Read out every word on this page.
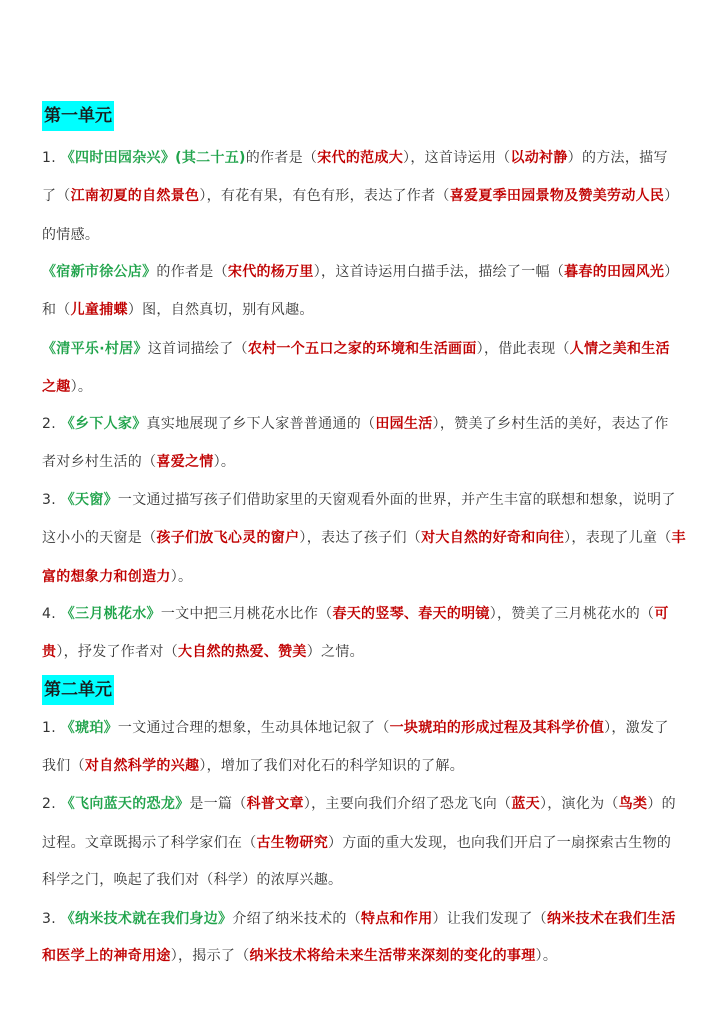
第一单元
1. 《四时田园杂兴》(其二十五)的作者是（宋代的范成大），这首诗运用（以动衬静）的方法，描写
了（江南初夏的自然景色），有花有果，有色有形，表达了作者（喜爱夏季田园景物及赞美劳动人民）
的情感。
《宿新市徐公店》的作者是（宋代的杨万里），这首诗运用白描手法，描绘了一幅（暮春的田园风光）
和（儿童捕蝶）图，自然真切，别有风趣。
《清平乐·村居》这首词描绘了（农村一个五口之家的环境和生活画面），借此表现（人情之美和生活
之趣）。
2. 《乡下人家》真实地展现了乡下人家普普通通的（田园生活），赞美了乡村生活的美好，表达了作
者对乡村生活的（喜爱之情）。
3. 《天窗》一文通过描写孩子们借助家里的天窗观看外面的世界，并产生丰富的联想和想象，说明了
这小小的天窗是（孩子们放飞心灵的窗户），表达了孩子们（对大自然的好奇和向往），表现了儿童（丰
富的想象力和创造力）。
4. 《三月桃花水》一文中把三月桃花水比作（春天的竖琴、春天的明镜），赞美了三月桃花水的（可
贵），抒发了作者对（大自然的热爱、赞美）之情。
第二单元
1. 《琥珀》一文通过合理的想象，生动具体地记叙了（一块琥珀的形成过程及其科学价值），激发了
我们（对自然科学的兴趣），增加了我们对化石的科学知识的了解。
2. 《飞向蓝天的恐龙》是一篇（科普文章），主要向我们介绍了恐龙飞向（蓝天），演化为（鸟类）的
过程。文章既揭示了科学家们在（古生物研究）方面的重大发现，也向我们开启了一扇探索古生物的
科学之门，唤起了我们对（科学）的浓厚兴趣。
3. 《纳米技术就在我们身边》介绍了纳米技术的（特点和作用）让我们发现了（纳米技术在我们生活
和医学上的神奇用途），揭示了（纳米技术将给未来生活带来深刻的变化的事理）。
